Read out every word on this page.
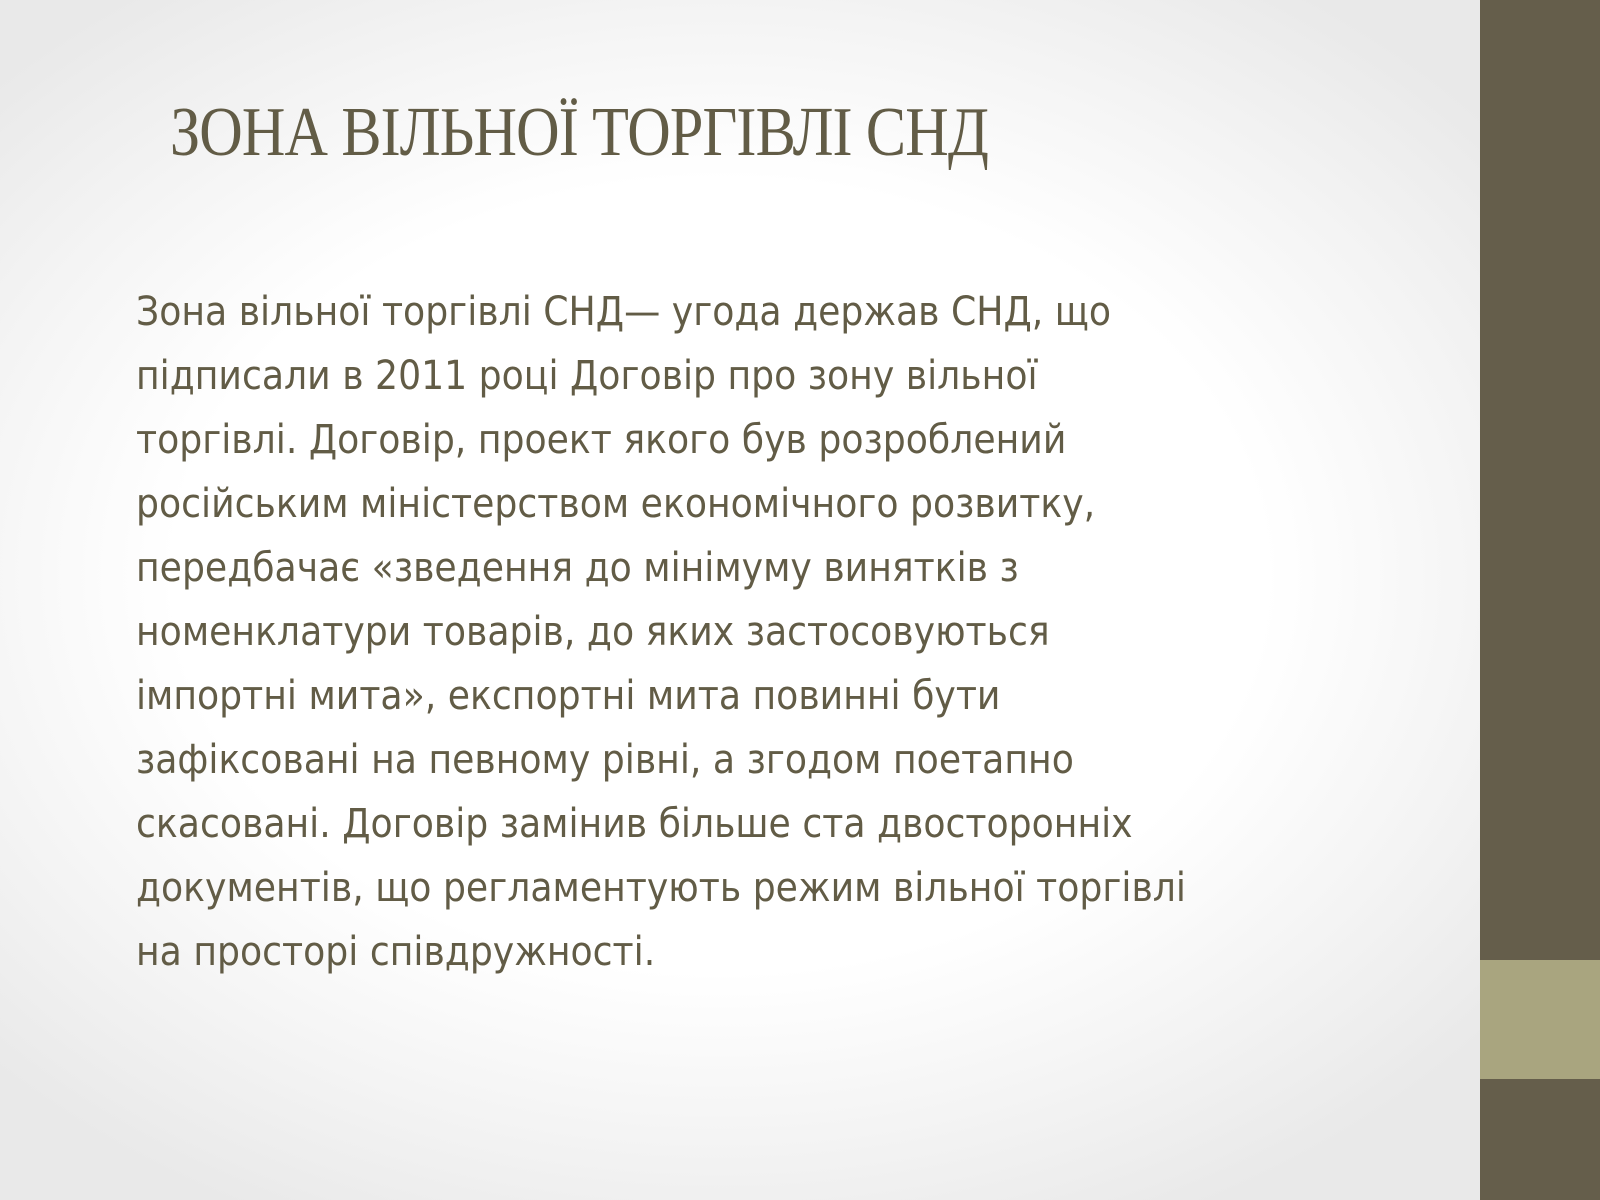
ЗОНА ВІЛЬНОЇ ТОРГІВЛІ СНД
Зона вільної торгівлі СНД— угода держав СНД, що
підписали в 2011 році Договір про зону вільної
торгівлі. Договір, проект якого був розроблений
російським міністерством економічного розвитку,
передбачає «зведення до мінімуму винятків з
номенклатури товарів, до яких застосовуються
імпортні мита», експортні мита повинні бути
зафіксовані на певному рівні, а згодом поетапно
скасовані. Договір замінив більше ста двосторонніх
документів, що регламентують режим вільної торгівлі
на просторі співдружності.
